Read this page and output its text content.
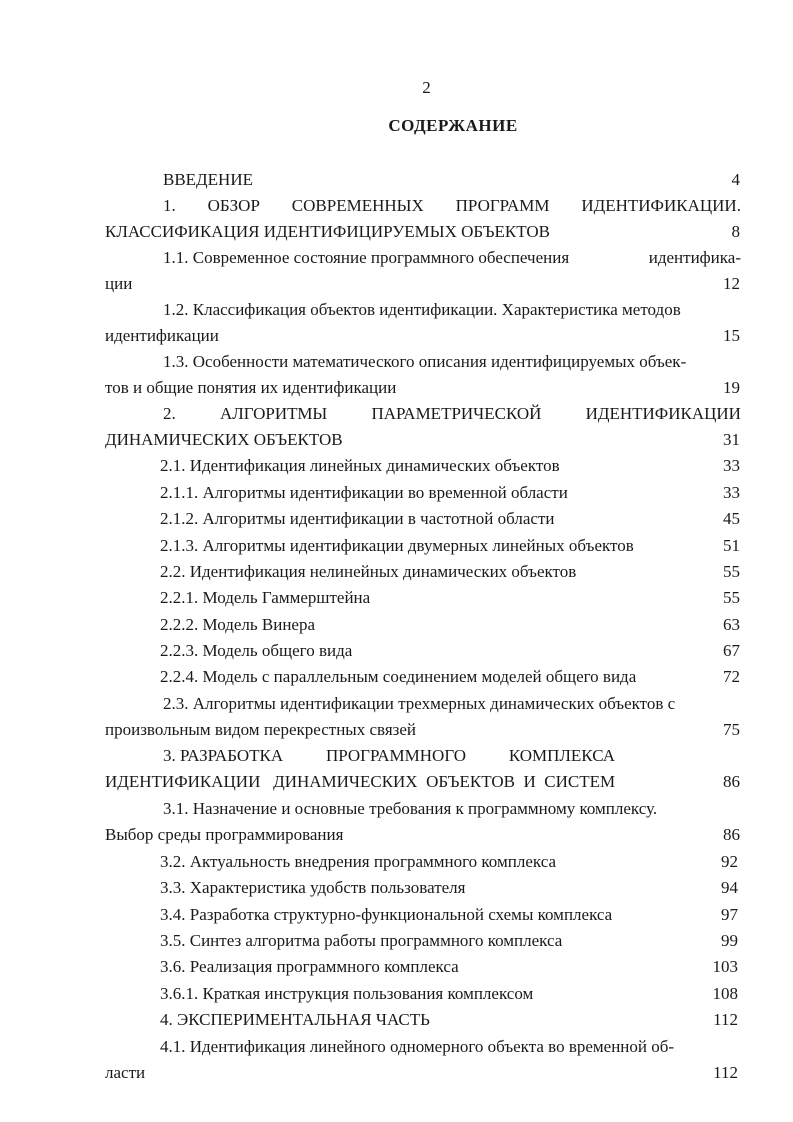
2
СОДЕРЖАНИЕ
ВВЕДЕНИЕ	4
1. ОБЗОР СОВРЕМЕННЫХ ПРОГРАММ ИДЕНТИФИКАЦИИ.
КЛАССИФИКАЦИЯ ИДЕНТИФИЦИРУЕМЫХ ОБЪЕКТОВ	8
1.1. Современное состояние программного обеспечения	идентифика-
ции	12
1.2. Классификация объектов идентификации. Характеристика методов
идентификации	15
1.3. Особенности математического описания идентифицируемых объек-
тов и общие понятия их идентификации	19
2.	АЛГОРИТМЫ	ПАРАМЕТРИЧЕСКОЙ	ИДЕНТИФИКАЦИИ
ДИНАМИЧЕСКИХ ОБЪЕКТОВ	31
2.1. Идентификация линейных динамических объектов	33
2.1.1. Алгоритмы идентификации во временной области	33
2.1.2. Алгоритмы идентификации в частотной области	45
2.1.3. Алгоритмы идентификации двумерных линейных объектов	51
2.2. Идентификация нелинейных динамических объектов	55
2.2.1. Модель Гаммерштейна	55
2.2.2. Модель Винера	63
2.2.3. Модель общего вида	67
2.2.4. Модель с параллельным соединением моделей общего вида	72
2.3. Алгоритмы идентификации трехмерных динамических объектов с
произвольным видом перекрестных связей	75
3. РАЗРАБОТКА	ПРОГРАММНОГО	КОМПЛЕКСА
ИДЕНТИФИКАЦИИ   ДИНАМИЧЕСКИХ  ОБЪЕКТОВ  И  СИСТЕМ	86
3.1. Назначение и основные требования к программному комплексу.
Выбор среды программирования	86
3.2. Актуальность внедрения программного комплекса	92
3.3. Характеристика удобств пользователя	94
3.4. Разработка структурно-функциональной схемы комплекса	97
3.5. Синтез алгоритма работы программного комплекса	99
3.6. Реализация программного комплекса	103
3.6.1. Краткая инструкция пользования комплексом	108
4. ЭКСПЕРИМЕНТАЛЬНАЯ ЧАСТЬ	112
4.1. Идентификация линейного одномерного объекта во временной об-
ласти	112
